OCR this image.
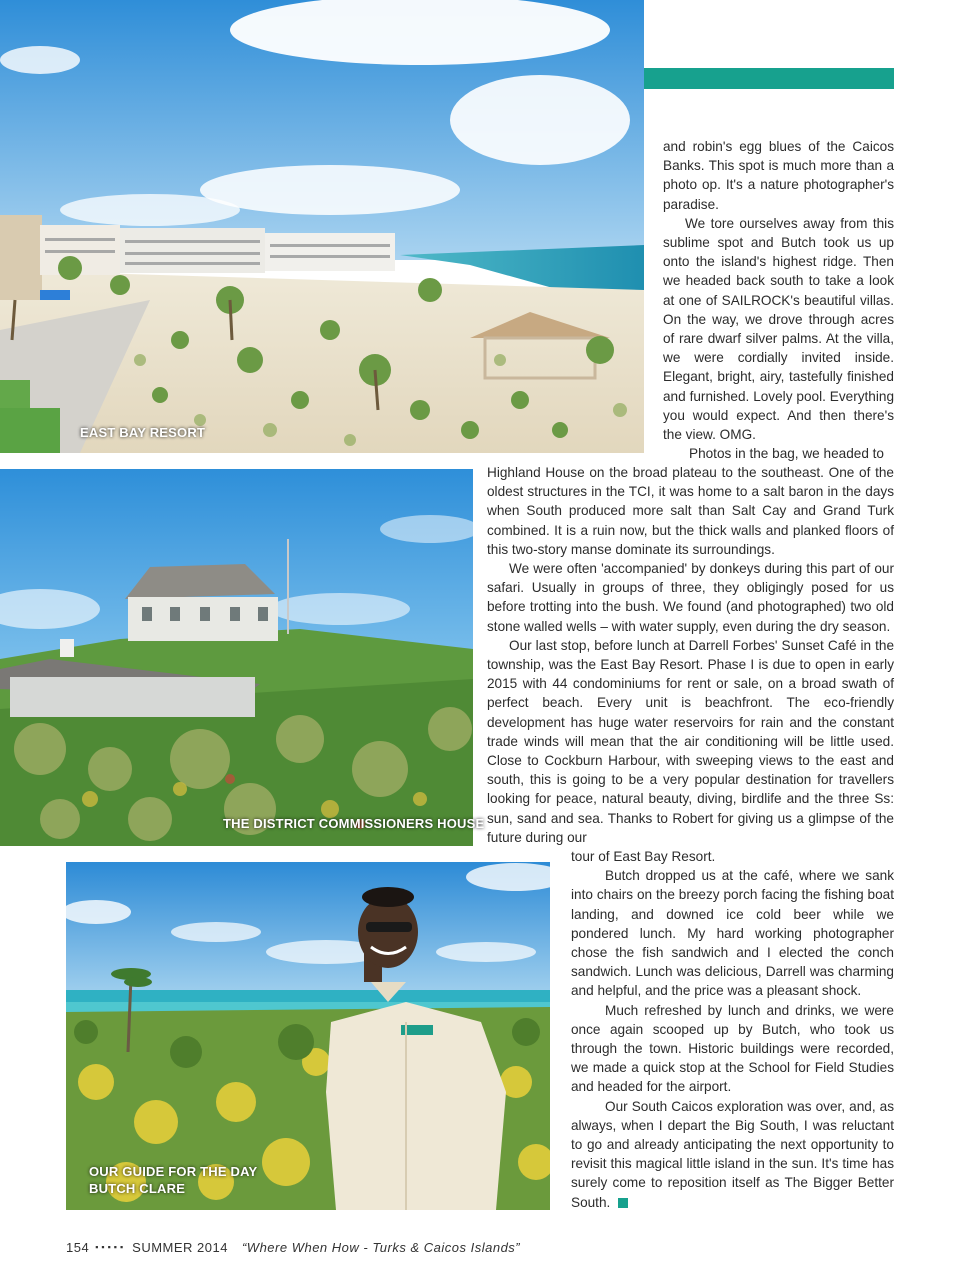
EAST BAY RESORT
THE DISTRICT COMMISSIONERS HOUSE
OUR GUIDE FOR THE DAY
BUTCH CLARE

and robin's egg blues of the Caicos Banks. This spot is much more than a photo op. It's a nature photographer's paradise.

We tore ourselves away from this sublime spot and Butch took us up onto the island's highest ridge. Then we headed back south to take a look at one of SAILROCK's beautiful villas. On the way, we drove through acres of rare dwarf silver palms. At the villa, we were cordially invited inside. Elegant, bright, airy, tastefully finished and furnished. Lovely pool. Everything you would expect. And then there's the view. OMG.

Photos in the bag, we headed to

Highland House on the broad plateau to the southeast. One of the oldest structures in the TCI, it was home to a salt baron in the days when South produced more salt than Salt Cay and Grand Turk combined. It is a ruin now, but the thick walls and planked floors of this two-story manse dominate its surroundings.

We were often 'accompanied' by donkeys during this part of our safari. Usually in groups of three, they obligingly posed for us before trotting into the bush. We found (and photographed) two old stone walled wells – with water supply, even during the dry season.

Our last stop, before lunch at Darrell Forbes' Sunset Café in the township, was the East Bay Resort. Phase I is due to open in early 2015 with 44 condominiums for rent or sale, on a broad swath of perfect beach. Every unit is beachfront. The eco-friendly development has huge water reservoirs for rain and the constant trade winds will mean that the air conditioning will be little used. Close to Cockburn Harbour, with sweeping views to the east and south, this is going to be a very popular destination for travellers looking for peace, natural beauty, diving, birdlife and the three Ss: sun, sand and sea. Thanks to Robert for giving us a glimpse of the future during our

tour of East Bay Resort.

Butch dropped us at the café, where we sank into chairs on the breezy porch facing the fishing boat landing, and downed ice cold beer while we pondered lunch. My hard working photographer chose the fish sandwich and I elected the conch sandwich. Lunch was delicious, Darrell was charming and helpful, and the price was a pleasant shock.

Much refreshed by lunch and drinks, we were once again scooped up by Butch, who took us through the town. Historic buildings were recorded, we made a quick stop at the School for Field Studies and headed for the airport.

Our South Caicos exploration was over, and, as always, when I depart the Big South, I was reluctant to go and already anticipating the next opportunity to revisit this magical little island in the sun. It's time has surely come to reposition itself as The Bigger Better South.

154 ▪▪▪▪▪ SUMMER 2014 “Where When How - Turks & Caicos Islands”
